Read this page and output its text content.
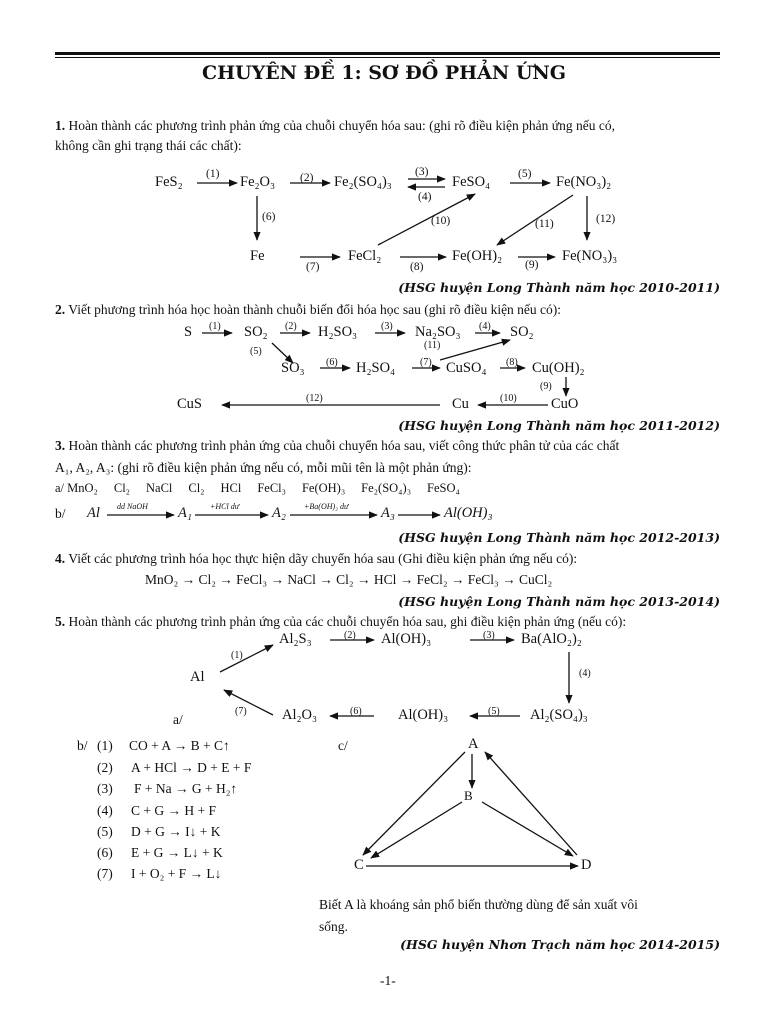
CHUYÊN ĐỀ 1: SƠ ĐỒ PHẢN ỨNG
1. Hoàn thành các phương trình phản ứng của chuỗi chuyển hóa sau: (ghi rõ điều kiện phản ứng nếu có,
không cần ghi trạng thái các chất):
FeS₂	Fe₂O₃	Fe₂(SO₄)₃	FeSO₄	Fe(NO₃)₂
Fe	FeCl₂	Fe(OH)₂	Fe(NO₃)₃
(1)	(2)	(3)
(4)
(5)
(6)
(7)	(8)	(9)
(10)	(11)	(12)
(HSG huyện Long Thành năm học 2010-2011)
2. Viết phương trình hóa học hoàn thành chuỗi biến đổi hóa học sau (ghi rõ điều kiện nếu có):
S	SO₂	H₂SO₃	Na₂SO₃	SO₂
SO₃	H₂SO₄	CuSO₄	Cu(OH)₂
CuS	Cu	CuO
(1)	(2)	(3)	(4)
(5)
(6)	(7)	(8)
(9)
(10)
(11)
(12)
(HSG huyện Long Thành năm học 2011-2012)
3. Hoàn thành các phương trình phản ứng của chuỗi chuyển hóa sau, viết công thức phân tử của các chất
A₁, A₂, A₃: (ghi rõ điều kiện phản ứng nếu có, mỗi mũi tên là một phản ứng):
a/ MnO₂ ⃞ Cl₂ ⃞ NaCl ⃞ Cl₂ ⃞ HCl ⃞ FeCl₃ ⃞ Fe(OH)₃ ⃞ Fe₂(SO₄)₃ ⃞ FeSO₄
b/ Al	A₁	A₂	A₃	Al(OH)₃
dd NaOH	+HCl dư	+Ba(OH)₂ dư
(HSG huyện Long Thành năm học 2012-2013)
4. Viết các phương trình hóa học thực hiện dãy chuyển hóa sau (Ghi điều kiện phản ứng nếu có):
MnO₂ → Cl₂ → FeCl₃ → NaCl → Cl₂ → HCl → FeCl₂ → FeCl₃ → CuCl₂
(HSG huyện Long Thành năm học 2013-2014)
5. Hoàn thành các phương trình phản ứng của các chuỗi chuyển hóa sau, ghi điều kiện phản ứng (nếu có):
Al
Al₂S₃	Al(OH)₃	Ba(AlO₂)₂
Al₂(SO₄)₃
Al(OH)₃
Al₂O₃
(1)
(2)	(3)
(4)
(5)
(6)
(7)
a/
b/ (1) CO + A → B + C↑
(2) A + HCl → D + E + F
(3) F + Na → G + H₂↑
(4) C + G → H + F
(5) D + G → I↓ + K
(6) E + G → L↓ + K
(7) I + O₂ + F → L↓
c/	A
B
C	D
Biết A là khoáng sản phổ biến thường dùng để sản xuất vôi
sống.
(HSG huyện Nhơn Trạch năm học 2014-2015)
-1-
